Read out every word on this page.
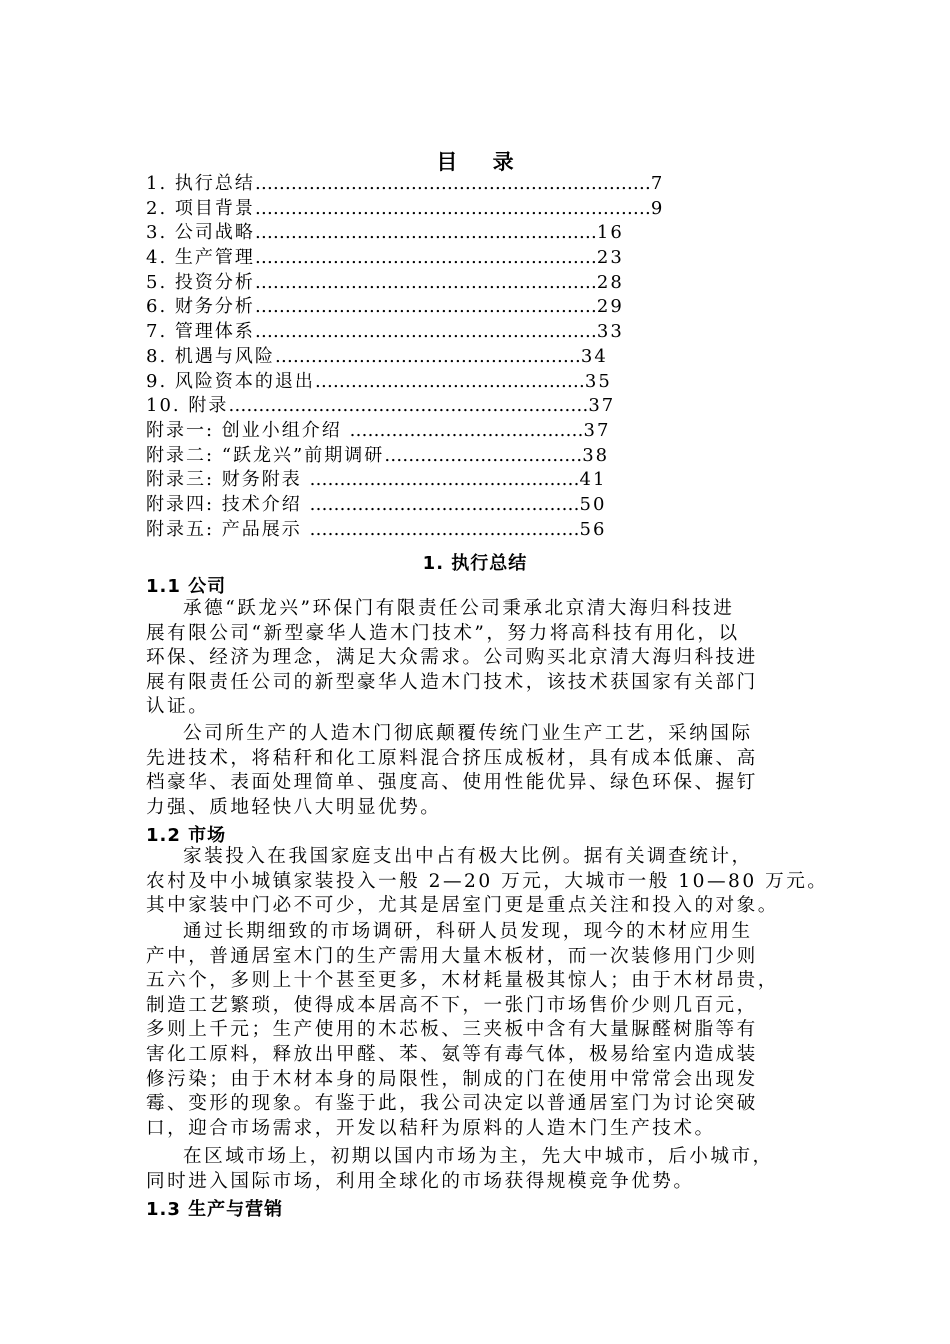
目 录
1. 执行总结…………………………………………………………7
2. 项目背景…………………………………………………………9
3. 公司战略…………………………………………………16
4. 生产管理…………………………………………………23
5. 投资分析…………………………………………………28
6. 财务分析…………………………………………………29
7. 管理体系…………………………………………………33
8. 机遇与风险……………………………………………34
9. 风险资本的退出………………………………………35
10. 附录……………………………………………………37
附录一: 创业小组介绍 …………………………………37
附录二: “跃龙兴”前期调研……………………………38
附录三: 财务附表 ………………………………………41
附录四: 技术介绍 ………………………………………50
附录五: 产品展示 ………………………………………56
1. 执行总结
1.1 公司
承德“跃龙兴”环保门有限责任公司秉承北京清大海归科技进
展有限公司“新型豪华人造木门技术”，努力将高科技有用化，以
环保、经济为理念，满足大众需求。公司购买北京清大海归科技进
展有限责任公司的新型豪华人造木门技术，该技术获国家有关部门
认证。
公司所生产的人造木门彻底颠覆传统门业生产工艺，采纳国际
先进技术，将秸秆和化工原料混合挤压成板材，具有成本低廉、高
档豪华、表面处理简单、强度高、使用性能优异、绿色环保、握钉
力强、质地轻快八大明显优势。
1.2 市场
家装投入在我国家庭支出中占有极大比例。据有关调查统计，
农村及中小城镇家装投入一般 2—20 万元，大城市一般 10—80 万元。
其中家装中门必不可少，尤其是居室门更是重点关注和投入的对象。
通过长期细致的市场调研，科研人员发现，现今的木材应用生
产中，普通居室木门的生产需用大量木板材，而一次装修用门少则
五六个，多则上十个甚至更多，木材耗量极其惊人；由于木材昂贵，
制造工艺繁琐，使得成本居高不下，一张门市场售价少则几百元，
多则上千元；生产使用的木芯板、三夹板中含有大量脲醛树脂等有
害化工原料，释放出甲醛、苯、氨等有毒气体，极易给室内造成装
修污染；由于木材本身的局限性，制成的门在使用中常常会出现发
霉、变形的现象。有鉴于此，我公司决定以普通居室门为讨论突破
口，迎合市场需求，开发以秸秆为原料的人造木门生产技术。
在区域市场上，初期以国内市场为主，先大中城市，后小城市，
同时进入国际市场，利用全球化的市场获得规模竞争优势。
1.3 生产与营销
